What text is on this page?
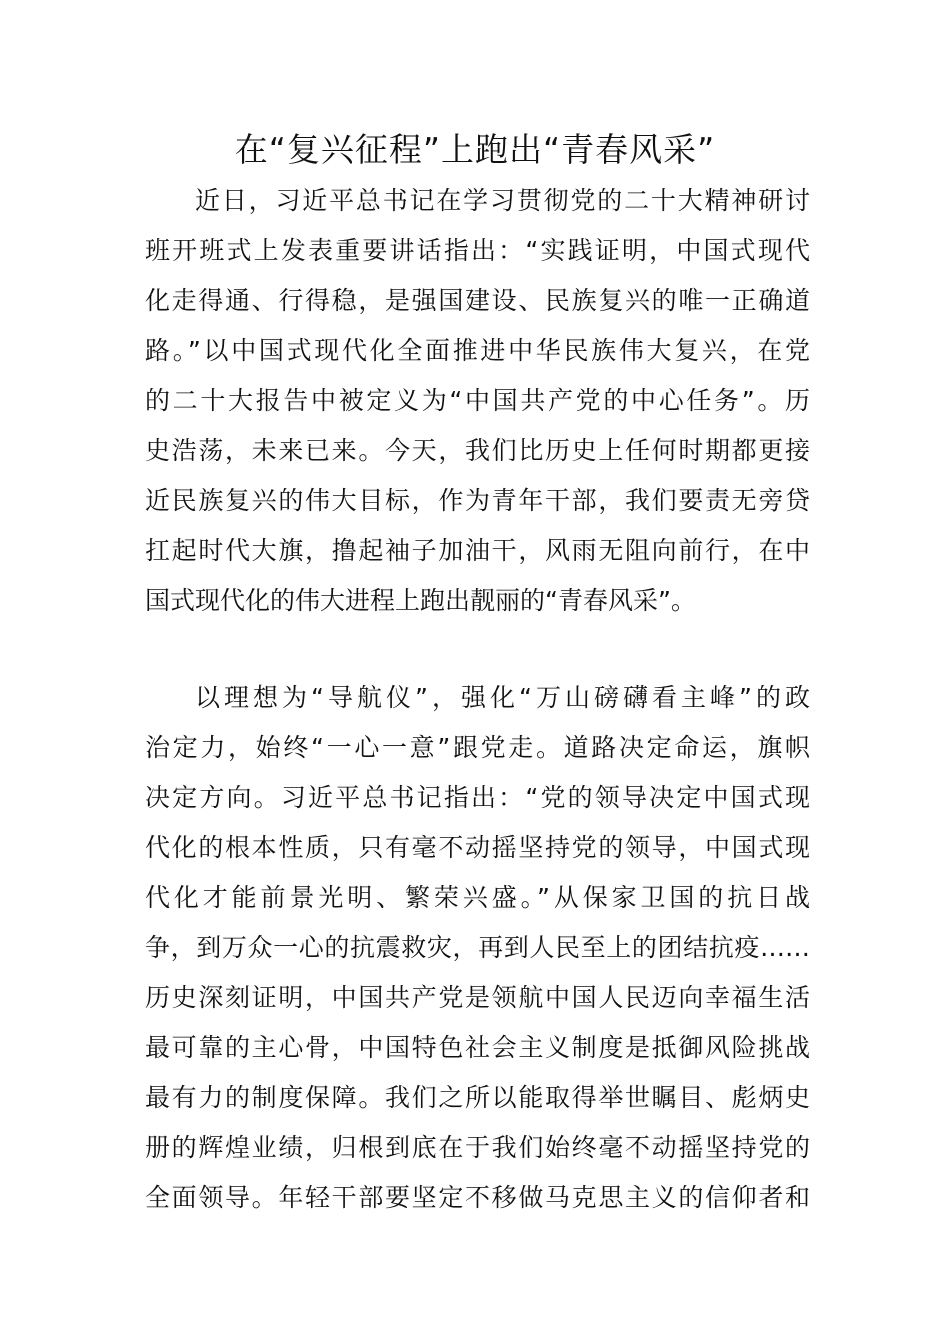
在“复兴征程”上跑出“青春风采”
近日，习近平总书记在学习贯彻党的二十大精神研讨
班开班式上发表重要讲话指出：“实践证明，中国式现代
化走得通、行得稳，是强国建设、民族复兴的唯一正确道
路。”以中国式现代化全面推进中华民族伟大复兴，在党
的二十大报告中被定义为“中国共产党的中心任务”。历
史浩荡，未来已来。今天，我们比历史上任何时期都更接
近民族复兴的伟大目标，作为青年干部，我们要责无旁贷
扛起时代大旗，撸起袖子加油干，风雨无阻向前行，在中
国式现代化的伟大进程上跑出靓丽的“青春风采”。
以理想为“导航仪”，强化“万山磅礴看主峰”的政
治定力，始终“一心一意”跟党走。道路决定命运，旗帜
决定方向。习近平总书记指出：“党的领导决定中国式现
代化的根本性质，只有毫不动摇坚持党的领导，中国式现
代化才能前景光明、繁荣兴盛。”从保家卫国的抗日战
争，到万众一心的抗震救灾，再到人民至上的团结抗疫……
历史深刻证明，中国共产党是领航中国人民迈向幸福生活
最可靠的主心骨，中国特色社会主义制度是抵御风险挑战
最有力的制度保障。我们之所以能取得举世瞩目、彪炳史
册的辉煌业绩，归根到底在于我们始终毫不动摇坚持党的
全面领导。年轻干部要坚定不移做马克思主义的信仰者和
